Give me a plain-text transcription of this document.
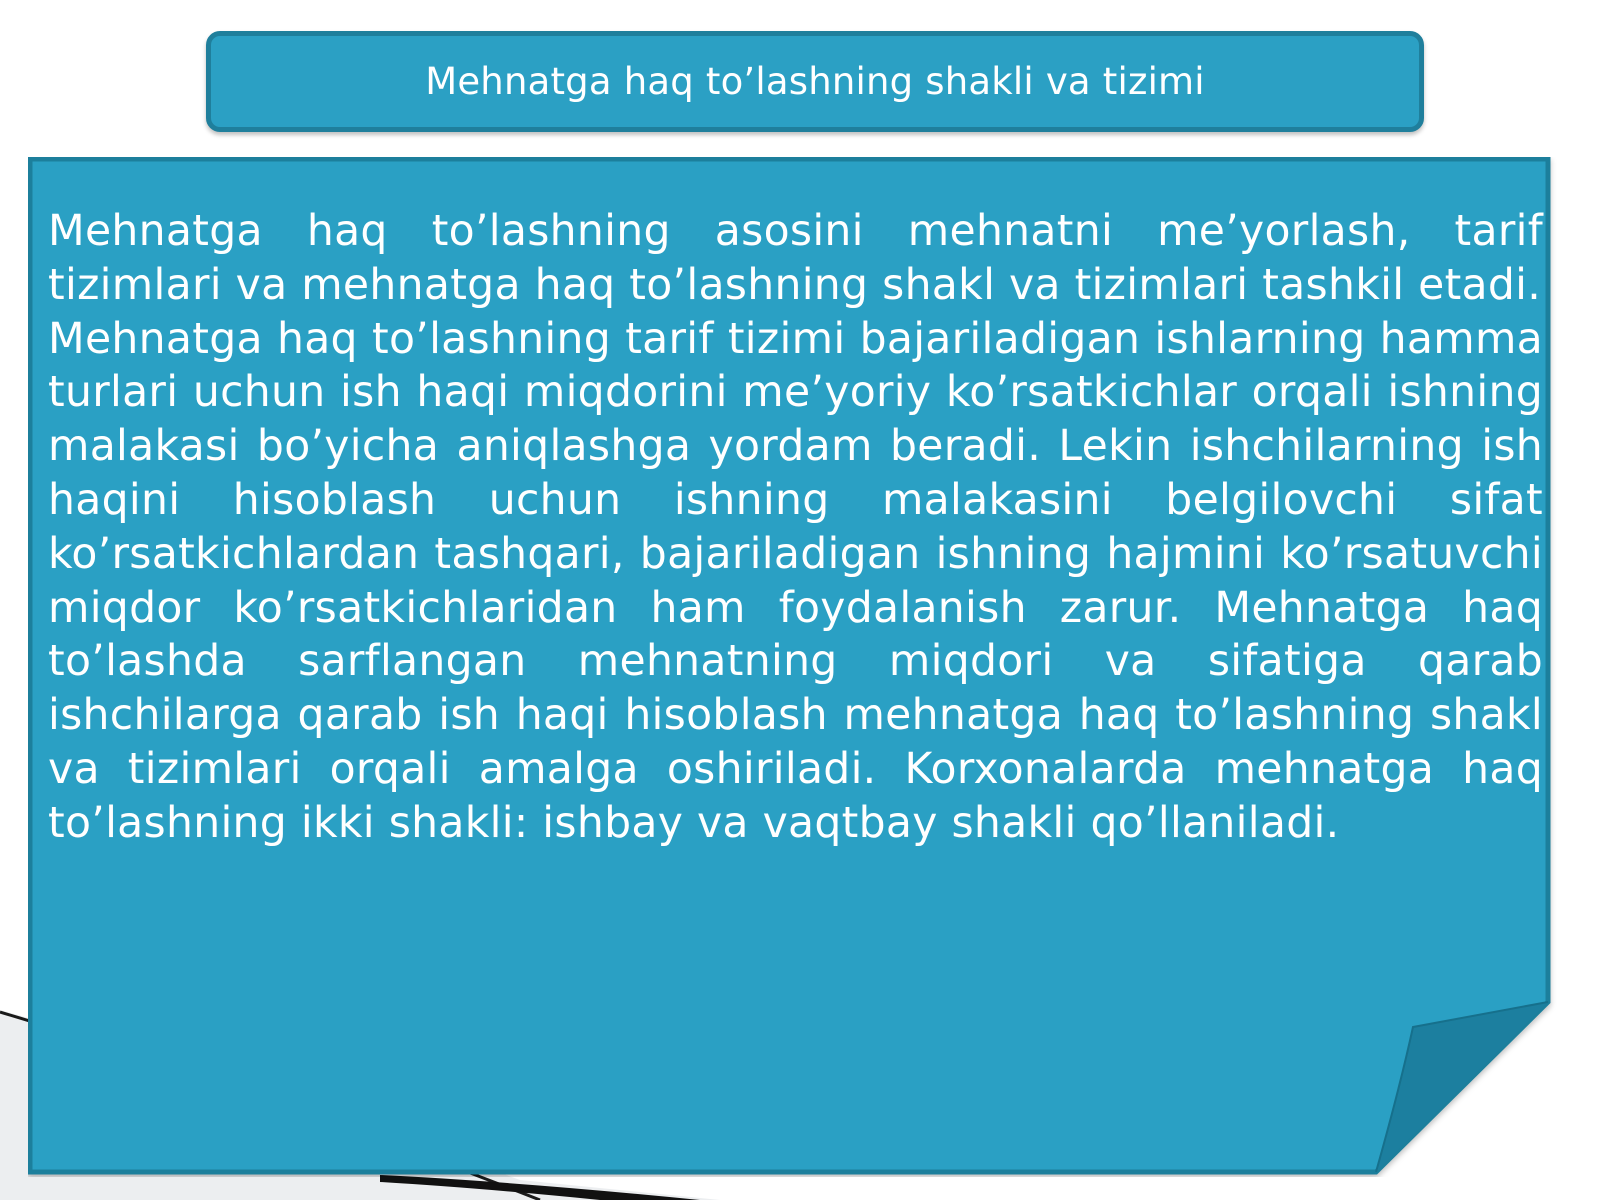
Mehnatga haq to’lashning shakli va tizimi

Mehnatga haq to’lashning asosini mehnatni me’yorlash, tarif tizimlari va mehnatga haq to’lashning shakl va tizimlari tashkil etadi.

Mehnatga haq to’lashning tarif tizimi bajariladigan ishlarning hamma turlari uchun ish haqi miqdorini me’yoriy ko’rsatkichlar orqali ishning malakasi bo’yicha aniqlashga yordam beradi. Lekin ishchilarning ish haqini hisoblash uchun ishning malakasini belgilovchi sifat ko’rsatkichlardan tashqari, bajariladigan ishning hajmini ko’rsatuvchi miqdor ko’rsatkichlaridan ham foydalanish zarur. Mehnatga haq to’lashda sarflangan mehnatning miqdori va sifatiga qarab ishchilarga qarab ish haqi hisoblash mehnatga haq to’lashning shakl va tizimlari orqali amalga oshiriladi. Korxonalarda mehnatga haq to’lashning ikki shakli: ishbay va vaqtbay shakli qo’llaniladi.
